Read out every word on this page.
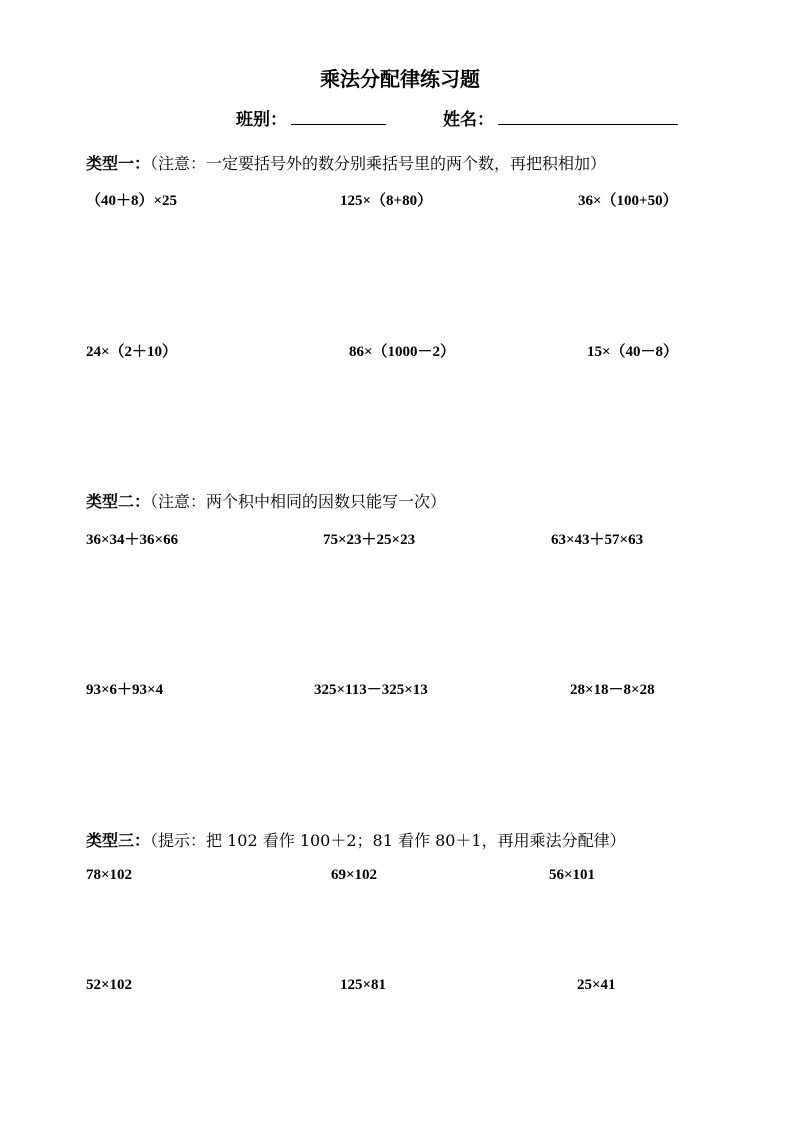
乘法分配律练习题
班别：	姓名：
类型一：（注意：一定要括号外的数分别乘括号里的两个数，再把积相加）
（40＋8）×25	125×（8+80）	36×（100+50）
24×（2＋10）	86×（1000－2）	15×（40－8）
类型二：（注意：两个积中相同的因数只能写一次）
36×34＋36×66	75×23＋25×23	63×43＋57×63
93×6＋93×4	325×113－325×13	28×18－8×28
类型三：（提示：把 102 看作 100＋2；81 看作 80＋1，再用乘法分配律）
78×102	69×102	56×101
52×102	125×81	25×41
